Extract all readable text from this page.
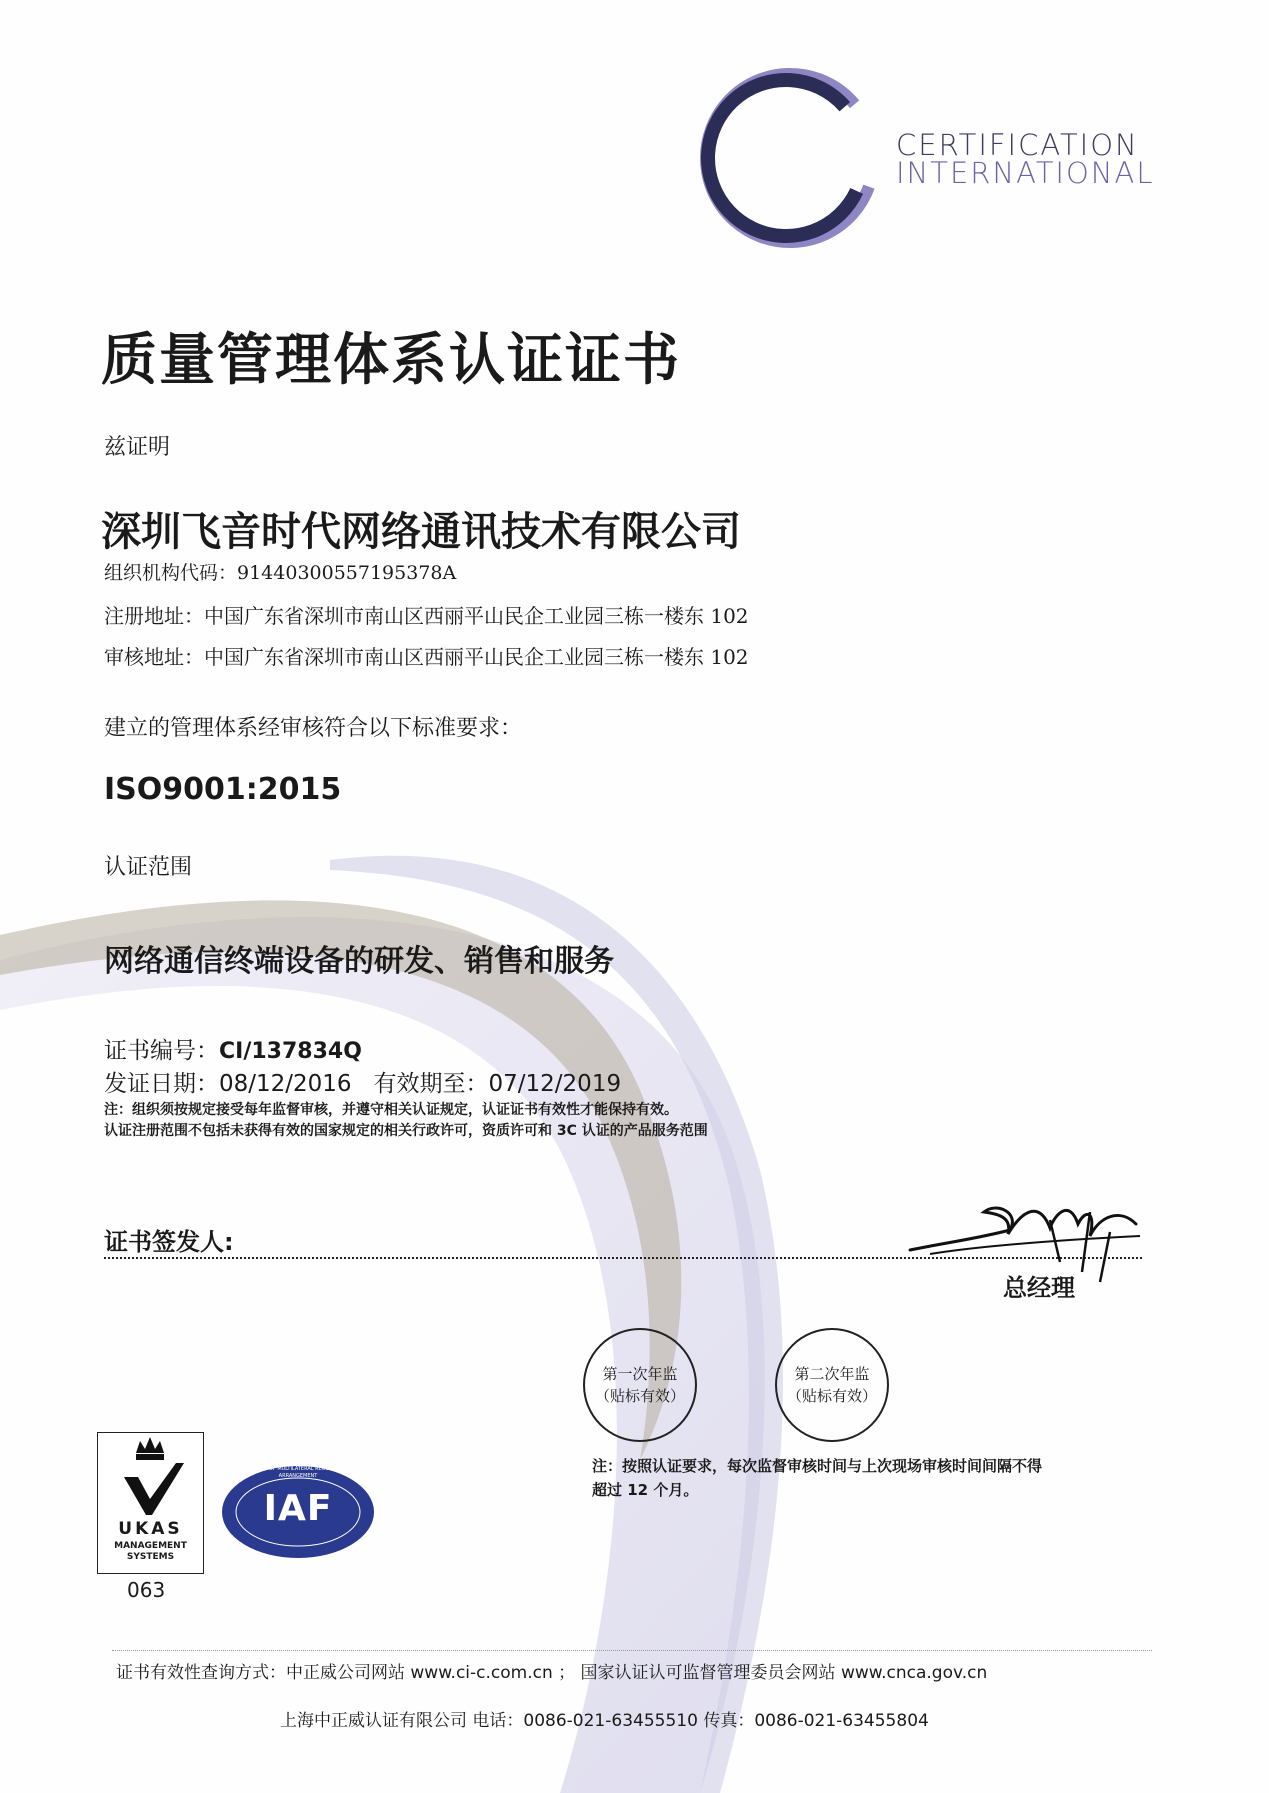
CERTIFICATION
INTERNATIONAL
质量管理体系认证证书
兹证明
深圳飞音时代网络通讯技术有限公司
组织机构代码：91440300557195378A
注册地址：中国广东省深圳市南山区西丽平山民企工业园三栋一楼东 102
审核地址：中国广东省深圳市南山区西丽平山民企工业园三栋一楼东 102
建立的管理体系经审核符合以下标准要求：
ISO9001:2015
认证范围
网络通信终端设备的研发、销售和服务
证书编号：CI/137834Q
发证日期：08/12/2016 有效期至：07/12/2019
注：组织须按规定接受每年监督审核，并遵守相关认证规定，认证证书有效性才能保持有效。
认证注册范围不包括未获得有效的国家规定的相关行政许可，资质许可和 3C 认证的产品服务范围
证书签发人:
总经理
第一次年监
（贴标有效）
第二次年监
（贴标有效）
注：按照认证要求，每次监督审核时间与上次现场审核时间间隔不得
超过 12 个月。
UKAS
MANAGEMENT
SYSTEMS
063
IAF
MEMBER OF MULTILATERAL RECOGNITION ARRANGEMENT
证书有效性查询方式：中正威公司网站 www.ci-c.com.cn ； 国家认证认可监督管理委员会网站 www.cnca.gov.cn
上海中正威认证有限公司 电话：0086-021-63455510 传真：0086-021-63455804
